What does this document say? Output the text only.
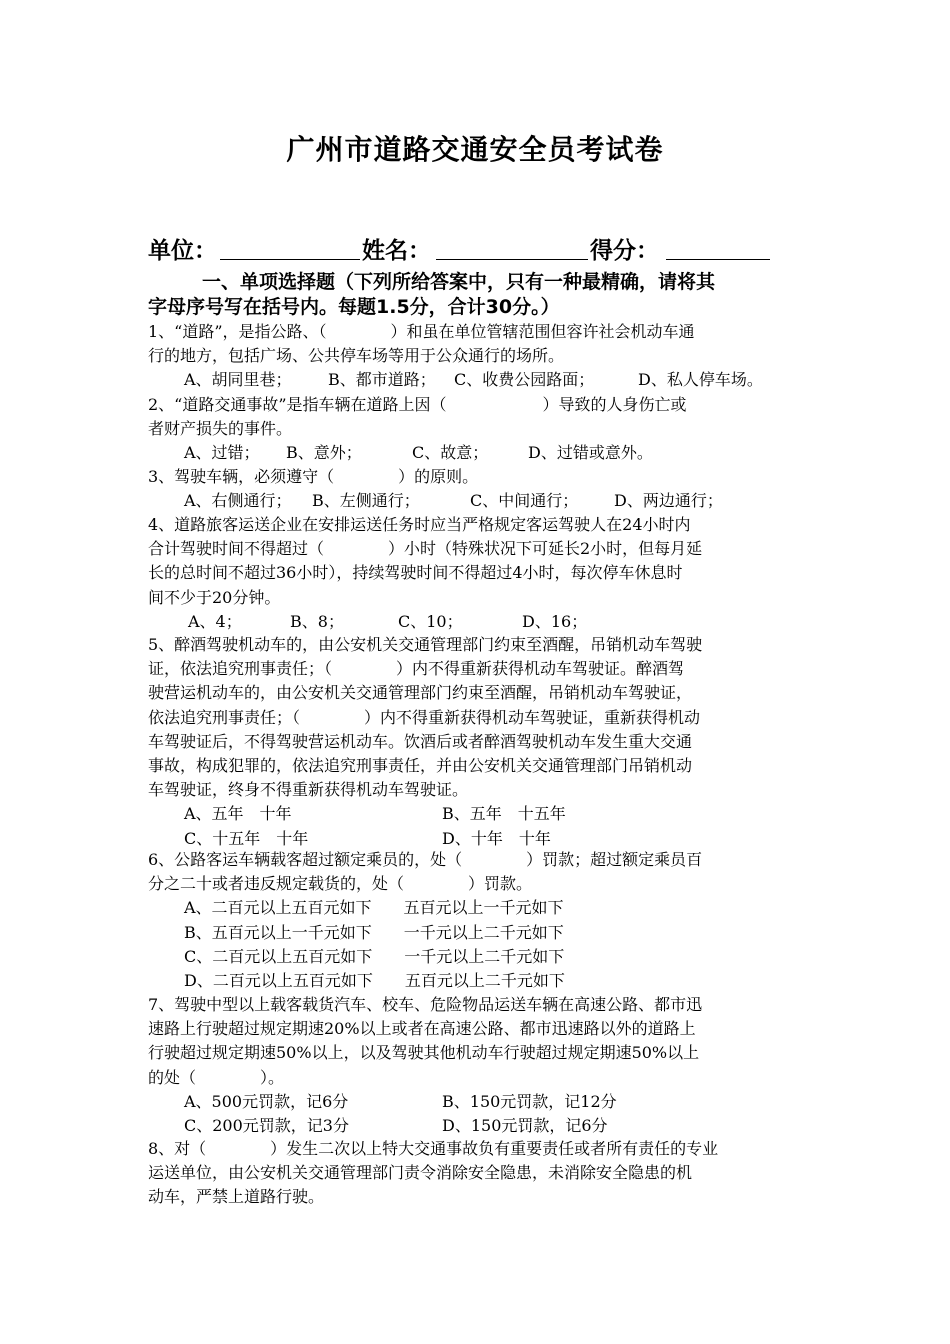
广州市道路交通安全员考试卷
单位：	姓名：	得分：
一、单项选择题（下列所给答案中，只有一种最精确，请将其
字母序号写在括号内。每题1.5分，合计30分。）
1、“道路”，是指公路、（　　　　）和虽在单位管辖范围但容许社会机动车通
行的地方，包括广场、公共停车场等用于公众通行的场所。
A、胡同里巷； B、都市道路； C、收费公园路面；	D、私人停车场。
2、“道路交通事故”是指车辆在道路上因（　　　　　　）导致的人身伤亡或
者财产损失的事件。
A、过错； B、意外；	C、故意； D、过错或意外。
3、驾驶车辆，必须遵守（　　　　）的原则。
A、右侧通行； B、左侧通行；	C、中间通行； D、两边通行；
4、道路旅客运送企业在安排运送任务时应当严格规定客运驾驶人在24小时内
合计驾驶时间不得超过（　　　　）小时（特殊状况下可延长2小时，但每月延
长的总时间不超过36小时），持续驾驶时间不得超过4小时，每次停车休息时
间不少于20分钟。
A、4；	B、8；	C、10；	D、16；
5、醉酒驾驶机动车的，由公安机关交通管理部门约束至酒醒，吊销机动车驾驶
证，依法追究刑事责任；（　　　　）内不得重新获得机动车驾驶证。醉酒驾
驶营运机动车的，由公安机关交通管理部门约束至酒醒，吊销机动车驾驶证，
依法追究刑事责任；（　　　　）内不得重新获得机动车驾驶证，重新获得机动
车驾驶证后，不得驾驶营运机动车。饮酒后或者醉酒驾驶机动车发生重大交通
事故，构成犯罪的，依法追究刑事责任，并由公安机关交通管理部门吊销机动
车驾驶证，终身不得重新获得机动车驾驶证。
A、五年　十年	B、五年　十五年
C、十五年　十年	D、十年　十年
6、公路客运车辆载客超过额定乘员的，处（　　　　）罚款；超过额定乘员百
分之二十或者违反规定载货的，处（　　　　）罚款。
A、二百元以上五百元如下　　五百元以上一千元如下
B、五百元以上一千元如下　　一千元以上二千元如下
C、二百元以上五百元如下　　一千元以上二千元如下
D、二百元以上五百元如下　　五百元以上二千元如下
7、驾驶中型以上载客载货汽车、校车、危险物品运送车辆在高速公路、都市迅
速路上行驶超过规定期速20%以上或者在高速公路、都市迅速路以外的道路上
行驶超过规定期速50%以上，以及驾驶其他机动车行驶超过规定期速50%以上
的处（　　　　）。
A、500元罚款，记6分	B、150元罚款，记12分
C、200元罚款，记3分	D、150元罚款，记6分
8、对（　　　　）发生二次以上特大交通事故负有重要责任或者所有责任的专业
运送单位，由公安机关交通管理部门责令消除安全隐患，未消除安全隐患的机
动车，严禁上道路行驶。
